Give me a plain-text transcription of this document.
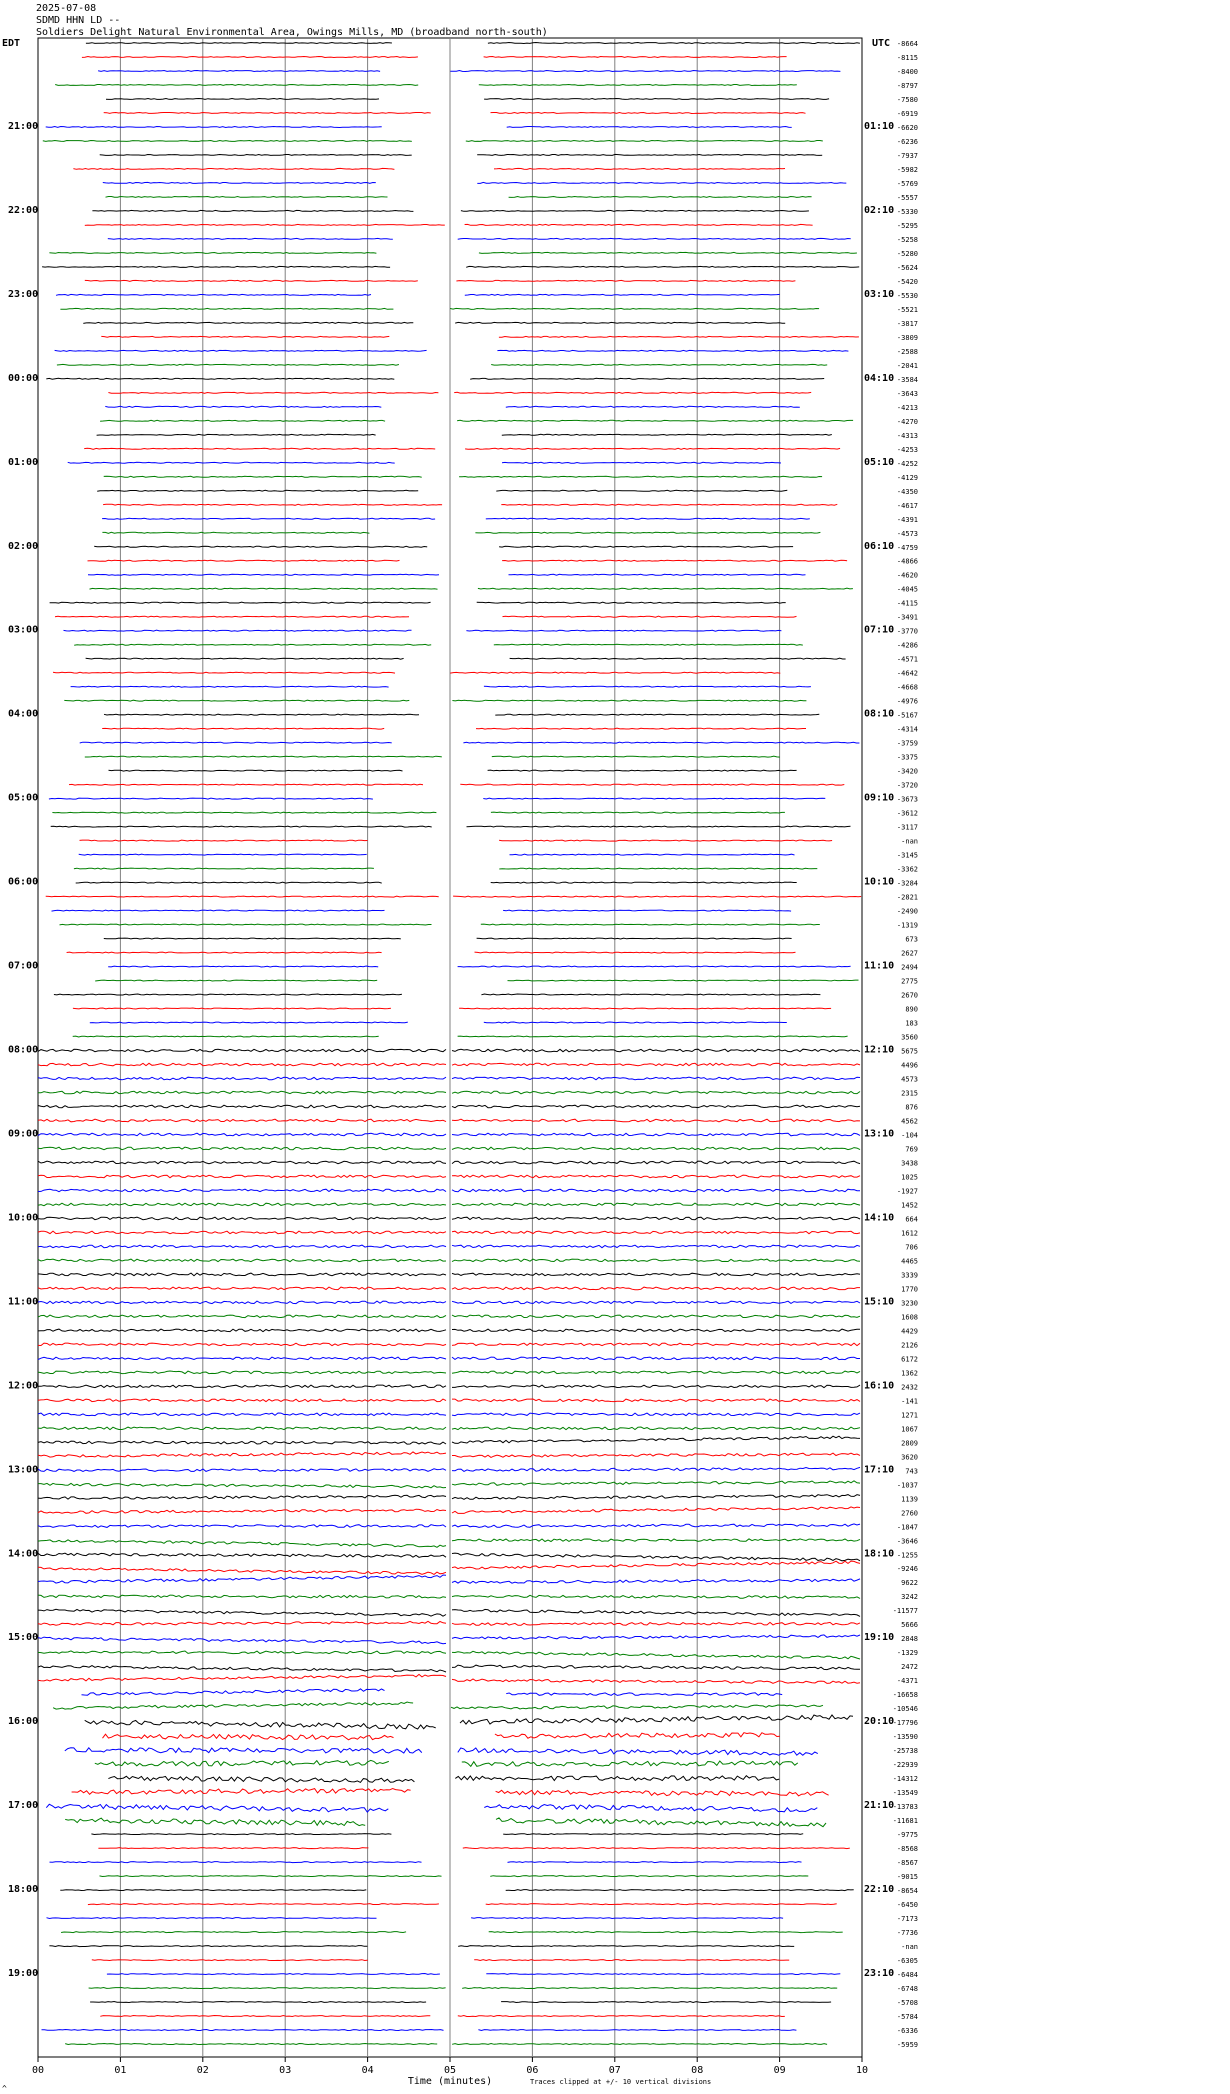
2025-07-08
SDMD HHN LD --
Soldiers Delight Natural Environmental Area, Owings Mills, MD (broadband north-south)
00	01	02	03	04	05	06	07	08	09	10
Time (minutes)	Traces clipped at +/- 10 vertical divisions
^
EDT	UTC
21:00
22:00
23:00
00:00
01:00
02:00
03:00
04:00
05:00
06:00
07:00
08:00
09:00
10:00
11:00
12:00
13:00
14:00
15:00
16:00
17:00
18:00
19:00
01:10
02:10
03:10
04:10
05:10
06:10
07:10
08:10
09:10
10:10
11:10
12:10
13:10
14:10
15:10
16:10
17:10
18:10
19:10
20:10
21:10
22:10
23:10
-8664
-8115
-8400
-8797
-7580
-6919
-6620
-6236
-7937
-5982
-5769
-5557
-5330
-5295
-5258
-5280
-5624
-5420
-5530
-5521
-3817
-3809
-2588
-2041
-3584
-3643
-4213
-4270
-4313
-4253
-4252
-4129
-4350
-4617
-4391
-4573
-4759
-4866
-4620
-4045
-4115
-3491
-3770
-4286
-4571
-4642
-4668
-4976
-5167
-4314
-3759
-3375
-3420
-3720
-3673
-3612
-3117
-nan
-3145
-3362
-3284
-2821
-2490
-1319
673
2627
2494
2775
2670
890
183
3560
5675
4496
4573
2315
876
4562
-104
769
3438
1025
-1927
1452
664
1612
706
4465
3339
1770
3230
1608
4429
2126
6172
1362
2432
-141
1271
1067
2809
3620
743
-1037
1139
2760
-1847
-3646
-1255
-9246
9622
3242
-11577
5666
2848
-1329
2472
-4371
-16658
-10546
-17796
-13590
-25738
-22939
-14312
-13549
-13783
-11681
-9775
-8568
-8567
-9015
-8654
-6450
-7173
-7736
-nan
-6305
-6484
-6748
-5708
-5784
-6336
-5959
